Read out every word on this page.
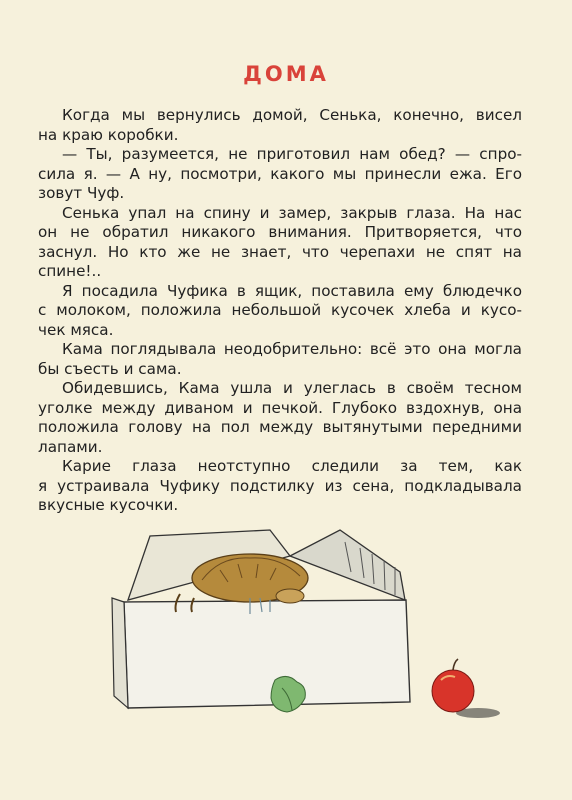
ДОМА
Когда мы вернулись домой, Сенька, конечно, висел
на краю коробки.
— Ты, разумеется, не приготовил нам обед? — спро-
сила я. — А ну, посмотри, какого мы принесли ежа. Его
зовут Чуф.
Сенька упал на спину и замер, закрыв глаза. На нас
он не обратил никакого внимания. Притворяется, что
заснул. Но кто же не знает, что черепахи не спят на
спине!..
Я посадила Чуфика в ящик, поставила ему блюдечко
с молоком, положила небольшой кусочек хлеба и кусо-
чек мяса.
Кама поглядывала неодобрительно: всё это она могла
бы съесть и сама.
Обидевшись, Кама ушла и улеглась в своём тесном
уголке между диваном и печкой. Глубоко вздохнув, она
положила голову на пол между вытянутыми передними
лапами.
Карие глаза неотступно следили за тем, как
я устраивала Чуфику подстилку из сена, подкладывала
вкусные кусочки.
